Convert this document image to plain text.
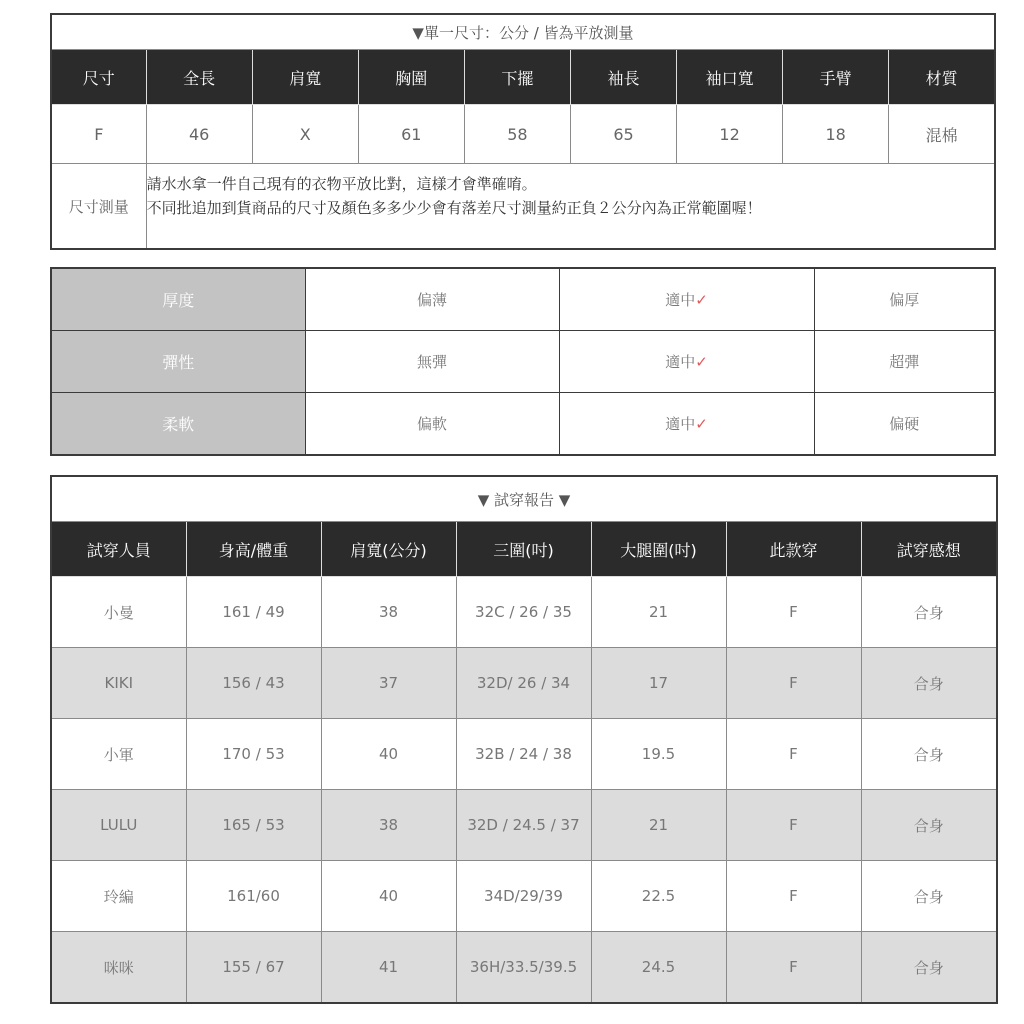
▼單一尺寸：公分 / 皆為平放測量								
尺寸	全長	肩寬	胸圍	下擺	袖長	袖口寬	手臂	材質
F	46	X	61	58	65	12	18	混棉
尺寸測量	請水水拿一件自己現有的衣物平放比對，這樣才會準確唷。
不同批追加到貨商品的尺寸及顏色多多少少會有落差尺寸測量約正負２公分內為正常範圍喔！							
厚度	偏薄	適中✓	偏厚
彈性	無彈	適中✓	超彈
柔軟	偏軟	適中✓	偏硬
▼ 試穿報告 ▼						
試穿人員	身高/體重	肩寬(公分)	三圍(吋)	大腿圍(吋)	此款穿	試穿感想
小曼	161 / 49	38	32C / 26 / 35	21	F	合身
KIKI	156 / 43	37	32D/ 26 / 34	17	F	合身
小軍	170 / 53	40	32B / 24 / 38	19.5	F	合身
LULU	165 / 53	38	32D / 24.5 / 37	21	F	合身
玲編	161/60	40	34D/29/39	22.5	F	合身
咪咪	155 / 67	41	36H/33.5/39.5	24.5	F	合身
